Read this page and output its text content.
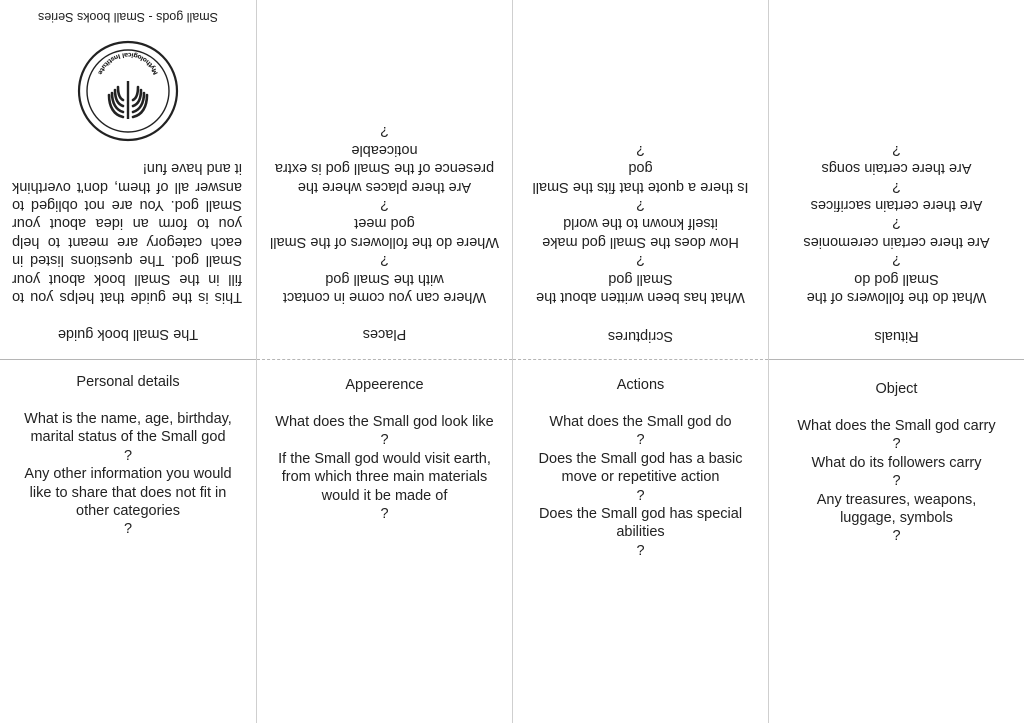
The Small book guide
This is the guide that helps you to fill in the Small book about your Small god. The questions listed in each category are meant to help you to form an idea about your Small god. You are not obliged to answer all of them, don't overthink it and have fun!
Mythological Institute
Small gods - Small books Series
Personal details
What is the name, age, birthday,
marital status of the Small god
?
Any other information you would
like to share that does not fit in
other categories
?
Places
Where can you come in contact
with the Small god
?
Where do the followers of the Small
god meet
?
Are there places where the
presence of the Small god is extra
noticeable
?
Appeerence
What does the Small god look like
?
If the Small god would visit earth,
from which three main materials
would it be made of
?
Scriptures
What has been written about the
Small god
?
How does the Small god make
itself known to the world
?
Is there a quote that fits the Small
god
?
Actions
What does the Small god do
?
Does the Small god has a basic
move or repetitive action
?
Does the Small god has special
abilities
?
Rituals
What do the followers of the
Small god do
?
Are there certain ceremonies
?
Are there certain sacrifices
?
Are there certain songs
?
Object
What does the Small god carry
?
What do its followers carry
?
Any treasures, weapons,
luggage, symbols
?
